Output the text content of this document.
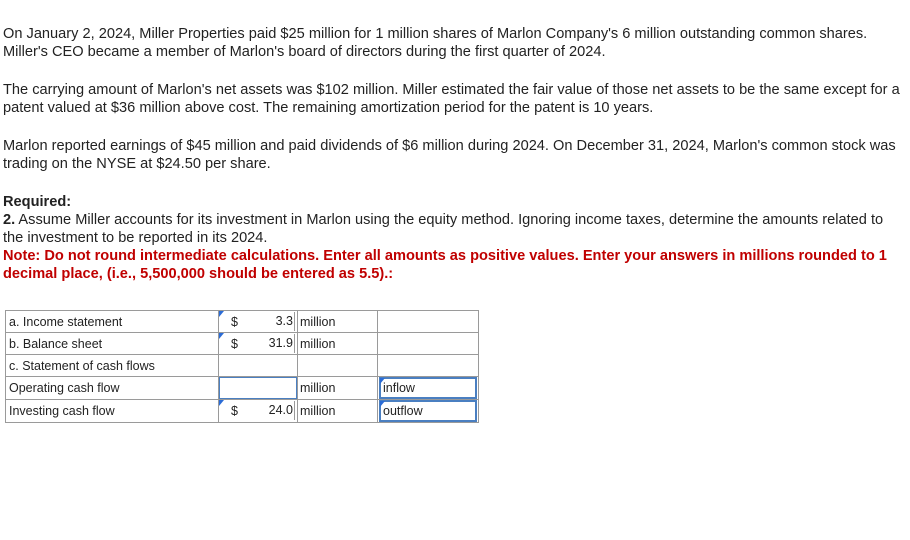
On January 2, 2024, Miller Properties paid $25 million for 1 million shares of Marlon Company's 6 million outstanding common shares. Miller's CEO became a member of Marlon's board of directors during the first quarter of 2024.

The carrying amount of Marlon's net assets was $102 million. Miller estimated the fair value of those net assets to be the same except for a patent valued at $36 million above cost. The remaining amortization period for the patent is 10 years.

Marlon reported earnings of $45 million and paid dividends of $6 million during 2024. On December 31, 2024, Marlon's common stock was trading on the NYSE at $24.50 per share.

Required:
2. Assume Miller accounts for its investment in Marlon using the equity method. Ignoring income taxes, determine the amounts related to the investment to be reported in its 2024.
Note: Do not round intermediate calculations. Enter all amounts as positive values. Enter your answers in millions rounded to 1 decimal place, (i.e., 5,500,000 should be entered as 5.5).:
a. Income statement	$ 3.3	million	
b. Balance sheet	$ 31.9	million	
c. Statement of cash flows			
Operating cash flow		million	inflow

Investing cash flow	$ 24.0	million	outflow
